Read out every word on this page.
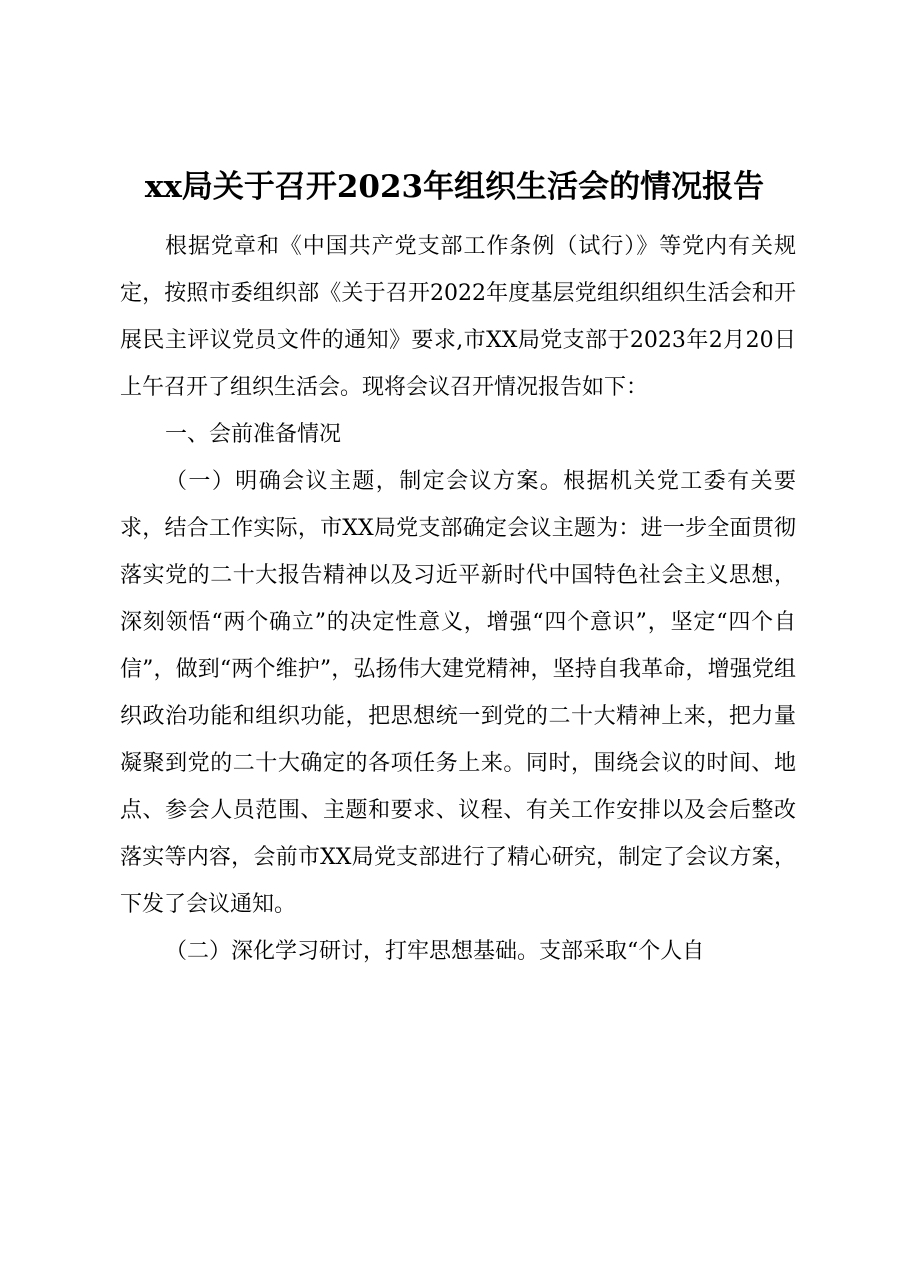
xx局关于召开2023年组织生活会的情况报告

根据党章和《中国共产党支部工作条例（试行）》等党内有关规定，按照市委组织部《关于召开2022年度基层党组织组织生活会和开展民主评议党员文件的通知》要求,市XX局党支部于2023年2月20日上午召开了组织生活会。现将会议召开情况报告如下：

一、会前准备情况

（一）明确会议主题，制定会议方案。根据机关党工委有关要求，结合工作实际，市XX局党支部确定会议主题为：进一步全面贯彻落实党的二十大报告精神以及习近平新时代中国特色社会主义思想，深刻领悟“两个确立”的决定性意义，增强“四个意识”，坚定“四个自信”，做到“两个维护”，弘扬伟大建党精神，坚持自我革命，增强党组织政治功能和组织功能，把思想统一到党的二十大精神上来，把力量凝聚到党的二十大确定的各项任务上来。同时，围绕会议的时间、地点、参会人员范围、主题和要求、议程、有关工作安排以及会后整改落实等内容，会前市XX局党支部进行了精心研究，制定了会议方案，下发了会议通知。

（二）深化学习研讨，打牢思想基础。支部采取“个人自
